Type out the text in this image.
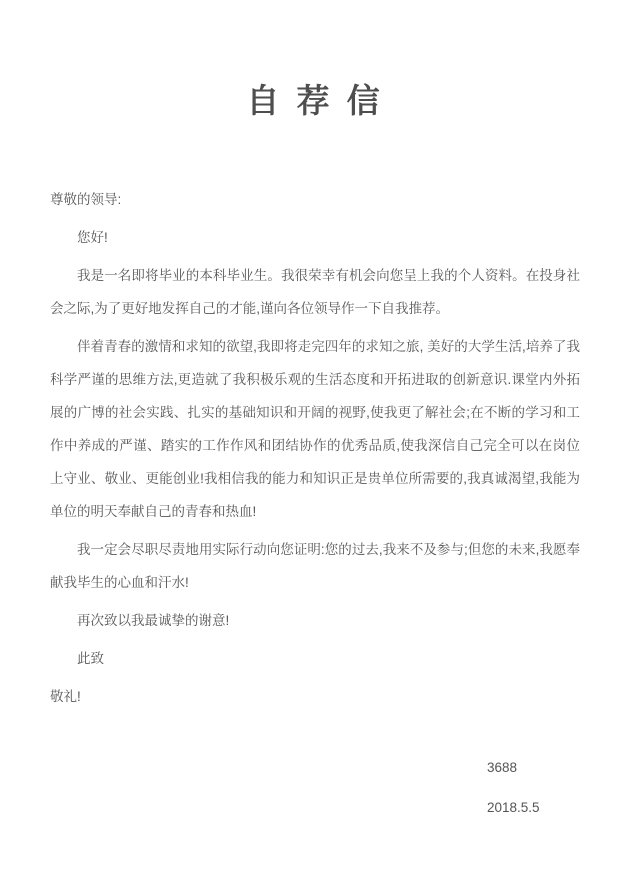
自 荐 信

尊敬的领导:

您好!

我是一名即将毕业的本科毕业生。我很荣幸有机会向您呈上我的个人资料。在投身社会之际,为了更好地发挥自己的才能,谨向各位领导作一下自我推荐。

伴着青春的激情和求知的欲望,我即将走完四年的求知之旅, 美好的大学生活,培养了我科学严谨的思维方法,更造就了我积极乐观的生活态度和开拓进取的创新意识.课堂内外拓展的广博的社会实践、扎实的基础知识和开阔的视野,使我更了解社会;在不断的学习和工作中养成的严谨、踏实的工作作风和团结协作的优秀品质,使我深信自己完全可以在岗位上守业、敬业、更能创业!我相信我的能力和知识正是贵单位所需要的,我真诚渴望,我能为单位的明天奉献自己的青春和热血!

我一定会尽职尽责地用实际行动向您证明:您的过去,我来不及参与;但您的未来,我愿奉献我毕生的心血和汗水!

再次致以我最诚挚的谢意!

此致

敬礼!

3688

2018.5.5
